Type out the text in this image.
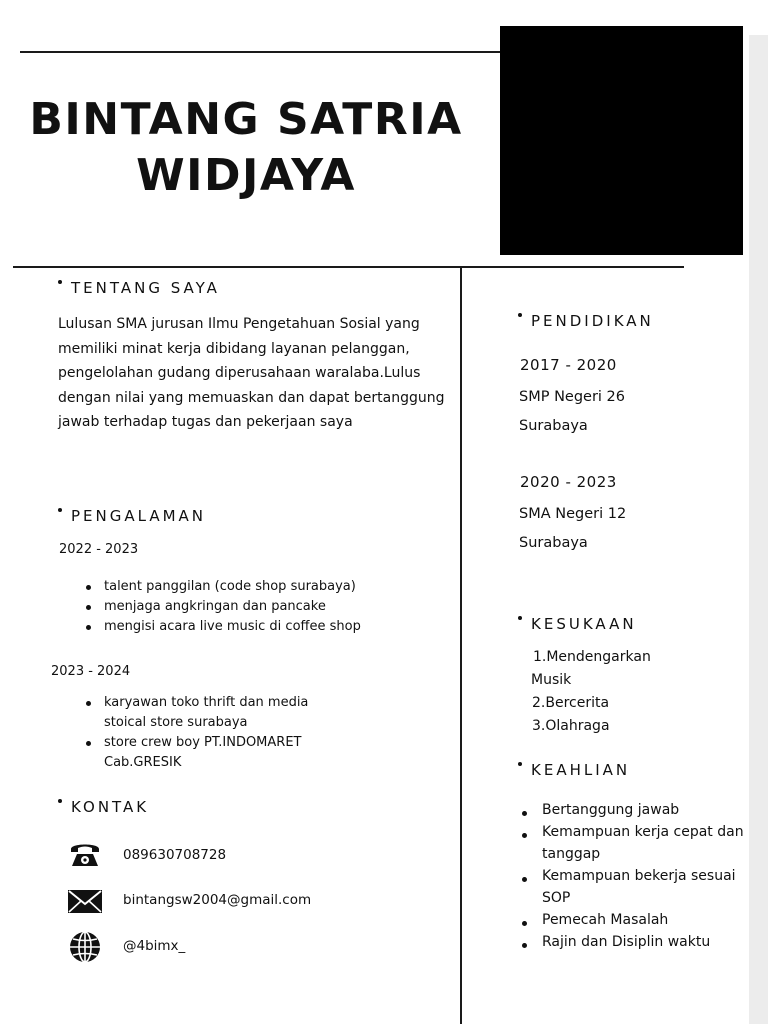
BINTANG SATRIA
WIDJAYA
TENTANG SAYA
Lulusan SMA jurusan Ilmu Pengetahuan Sosial yang memiliki minat kerja dibidang layanan pelanggan, pengelolahan gudang diperusahaan waralaba.Lulus dengan nilai yang memuaskan dan dapat bertanggung jawab terhadap tugas dan pekerjaan saya
PENGALAMAN
2022 - 2023
talent panggilan (code shop surabaya)
menjaga angkringan dan pancake
mengisi acara live music di coffee shop
2023 - 2024
karyawan toko thrift dan media stoical store surabaya
store crew boy PT.INDOMARET Cab.GRESIK
KONTAK
089630708728
bintangsw2004@gmail.com
@4bimx_
PENDIDIKAN
2017 - 2020
SMP Negeri 26
Surabaya
2020 - 2023
SMA Negeri 12
Surabaya
KESUKAAN
1.Mendengarkan
Musik
2.Bercerita
3.Olahraga
KEAHLIAN
Bertanggung jawab
Kemampuan kerja cepat dan tanggap
Kemampuan bekerja sesuai SOP
Pemecah Masalah
Rajin dan Disiplin waktu
